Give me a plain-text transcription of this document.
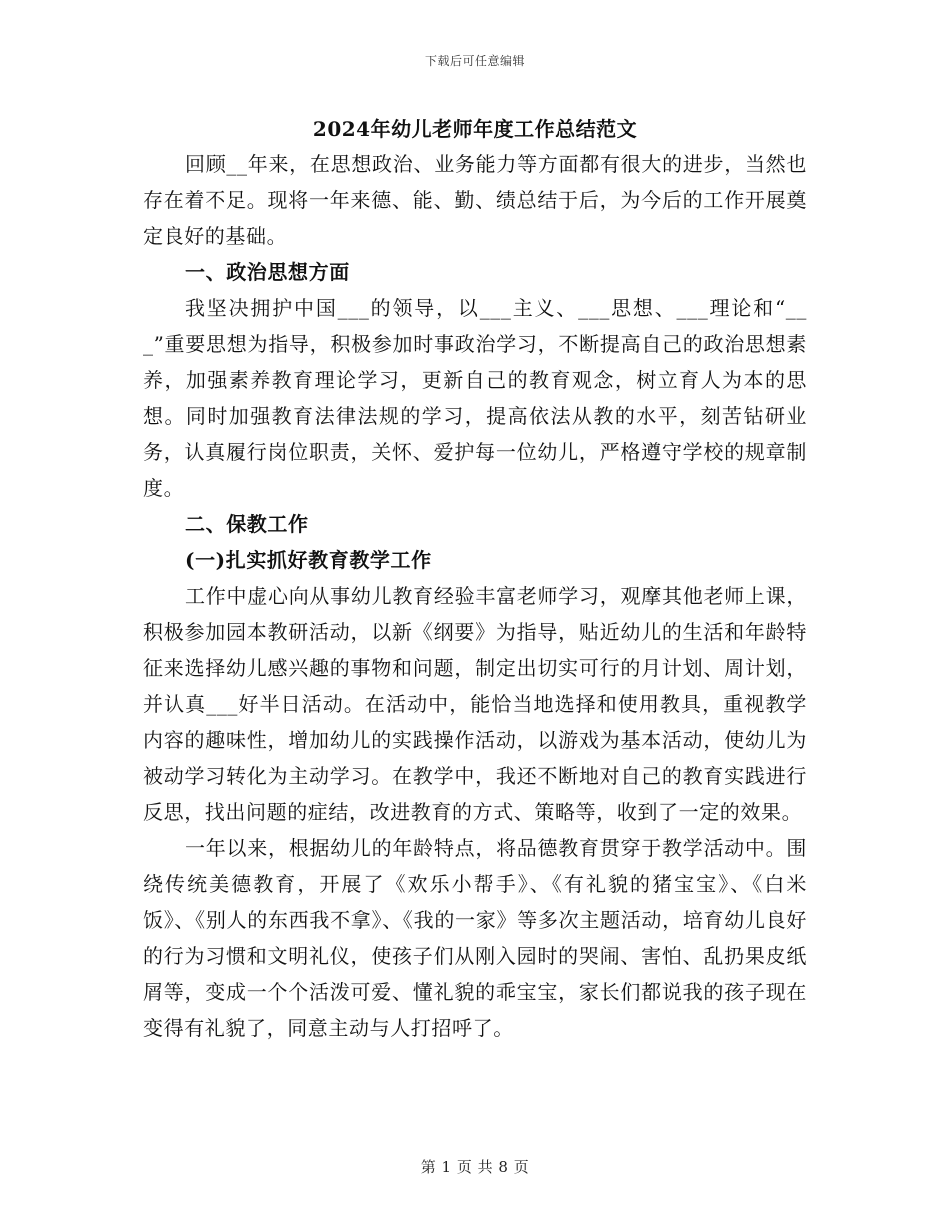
下载后可任意编辑
2024年幼儿老师年度工作总结范文

回顾__年来，在思想政治、业务能力等方面都有很大的进步，当然也存在着不足。现将一年来德、能、勤、绩总结于后，为今后的工作开展奠定良好的基础。

一、政治思想方面

我坚决拥护中国___的领导，以___主义、___思想、___理论和“___”重要思想为指导，积极参加时事政治学习，不断提高自己的政治思想素养，加强素养教育理论学习，更新自己的教育观念，树立育人为本的思想。同时加强教育法律法规的学习，提高依法从教的水平，刻苦钻研业务，认真履行岗位职责，关怀、爱护每一位幼儿，严格遵守学校的规章制度。

二、保教工作

(一)扎实抓好教育教学工作

工作中虚心向从事幼儿教育经验丰富老师学习，观摩其他老师上课，积极参加园本教研活动，以新《纲要》为指导，贴近幼儿的生活和年龄特征来选择幼儿感兴趣的事物和问题，制定出切实可行的月计划、周计划，并认真___好半日活动。在活动中，能恰当地选择和使用教具，重视教学内容的趣味性，增加幼儿的实践操作活动，以游戏为基本活动，使幼儿为被动学习转化为主动学习。在教学中，我还不断地对自己的教育实践进行反思，找出问题的症结，改进教育的方式、策略等，收到了一定的效果。

一年以来，根据幼儿的年龄特点，将品德教育贯穿于教学活动中。围绕传统美德教育，开展了《欢乐小帮手》、《有礼貌的猪宝宝》、《白米饭》、《别人的东西我不拿》、《我的一家》等多次主题活动，培育幼儿良好的行为习惯和文明礼仪，使孩子们从刚入园时的哭闹、害怕、乱扔果皮纸屑等，变成一个个活泼可爱、懂礼貌的乖宝宝，家长们都说我的孩子现在变得有礼貌了，同意主动与人打招呼了。

第 1 页 共 8 页
